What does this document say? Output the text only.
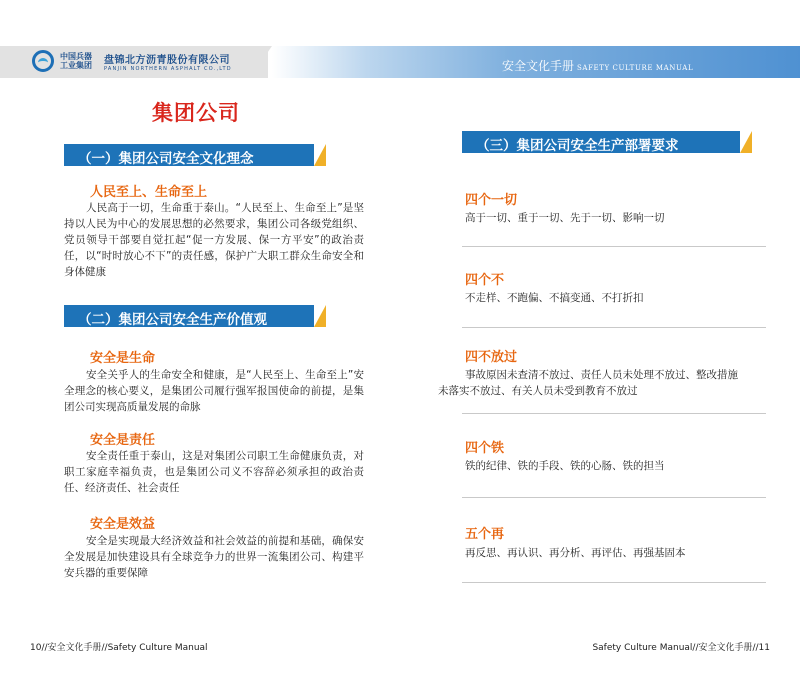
中国兵器 工业集团	盘锦北方沥青股份有限公司
PANJIN NORTHERN ASPHALT CO.,LTD	安全文化手册 SAFETY CULTURE MANUAL
集团公司
（一）集团公司安全文化理念
人民至上、生命至上
人民高于一切，生命重于泰山。“人民至上、生命至上”是坚持以人民为中心的发展思想的必然要求，集团公司各级党组织、党员领导干部要自觉扛起“促一方发展、保一方平安”的政治责任，以“时时放心不下”的责任感，保护广大职工群众生命安全和身体健康
（二）集团公司安全生产价值观
安全是生命
安全关乎人的生命安全和健康，是“人民至上、生命至上”安全理念的核心要义，是集团公司履行强军报国使命的前提，是集团公司实现高质量发展的命脉
安全是责任
安全责任重于泰山，这是对集团公司职工生命健康负责，对职工家庭幸福负责，也是集团公司义不容辞必须承担的政治责任、经济责任、社会责任
安全是效益
安全是实现最大经济效益和社会效益的前提和基础，确保安全发展是加快建设具有全球竞争力的世界一流集团公司、构建平安兵器的重要保障
（三）集团公司安全生产部署要求
四个一切
高于一切、重于一切、先于一切、影响一切
四个不
不走样、不跑偏、不搞变通、不打折扣
四不放过
事故原因未查清不放过、责任人员未处理不放过、整改措施未落实不放过、有关人员未受到教育不放过
四个铁
铁的纪律、铁的手段、铁的心肠、铁的担当
五个再
再反思、再认识、再分析、再评估、再强基固本
10//安全文化手册//Safety Culture Manual	Safety Culture Manual//安全文化手册//11
